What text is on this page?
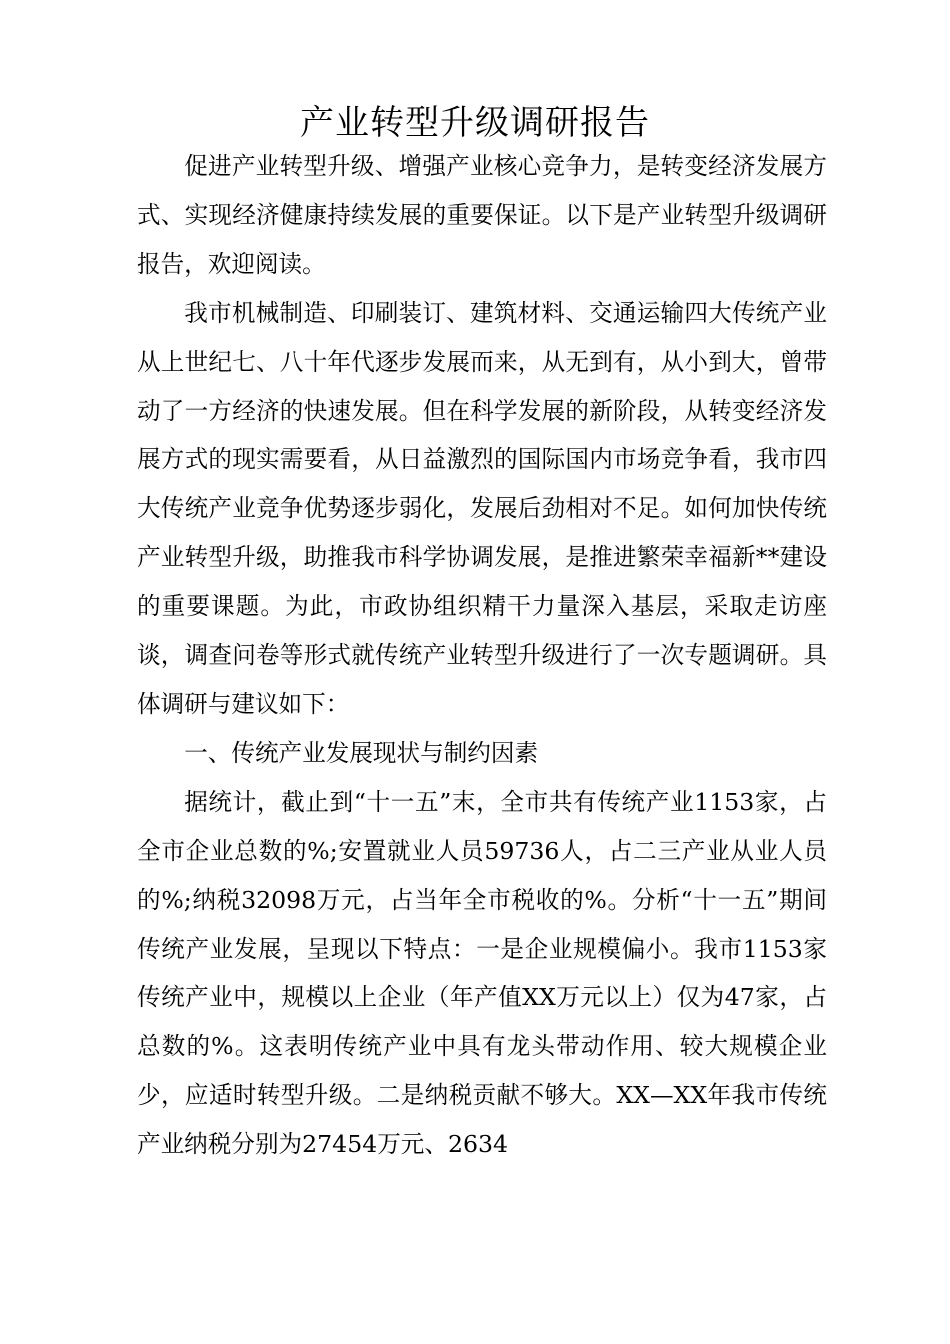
产业转型升级调研报告

促进产业转型升级、增强产业核心竞争力，是转变经济发展方式、实现经济健康持续发展的重要保证。以下是产业转型升级调研报告，欢迎阅读。

我市机械制造、印刷装订、建筑材料、交通运输四大传统产业从上世纪七、八十年代逐步发展而来，从无到有，从小到大，曾带动了一方经济的快速发展。但在科学发展的新阶段，从转变经济发展方式的现实需要看，从日益激烈的国际国内市场竞争看，我市四大传统产业竞争优势逐步弱化，发展后劲相对不足。如何加快传统产业转型升级，助推我市科学协调发展，是推进繁荣幸福新**建设的重要课题。为此，市政协组织精干力量深入基层，采取走访座谈，调查问卷等形式就传统产业转型升级进行了一次专题调研。具体调研与建议如下：

一、传统产业发展现状与制约因素

据统计，截止到“十一五”末，全市共有传统产业1153家，占全市企业总数的%;安置就业人员59736人，占二三产业从业人员的%;纳税32098万元，占当年全市税收的%。分析“十一五”期间传统产业发展，呈现以下特点：一是企业规模偏小。我市1153家传统产业中，规模以上企业（年产值XX万元以上）仅为47家，占总数的%。这表明传统产业中具有龙头带动作用、较大规模企业少，应适时转型升级。二是纳税贡献不够大。XX—XX年我市传统产业纳税分别为27454万元、2634
